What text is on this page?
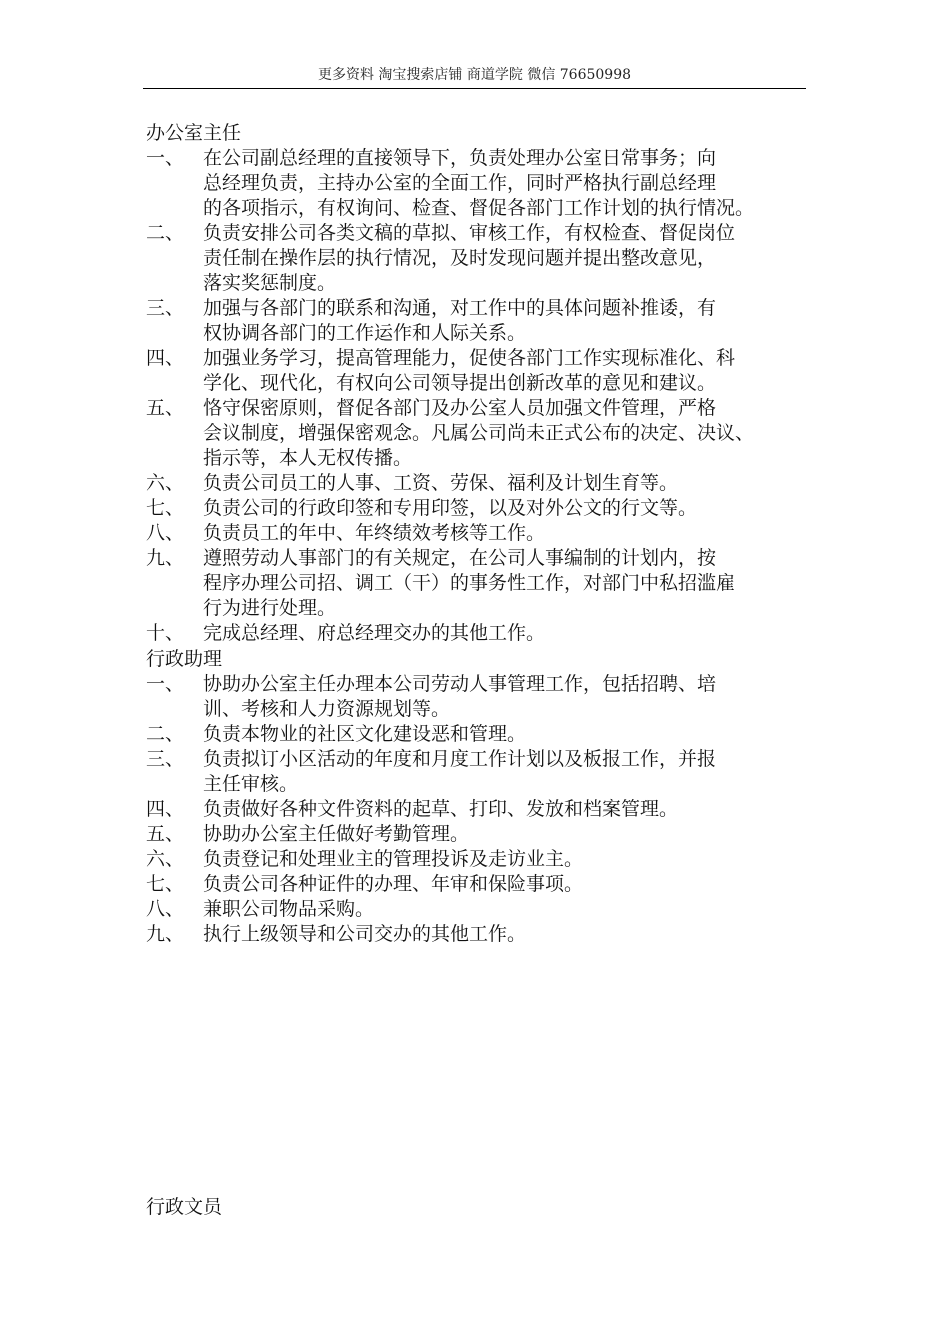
更多资料 淘宝搜索店铺 商道学院 微信 76650998
办公室主任
一、 在公司副总经理的直接领导下，负责处理办公室日常事务；向
总经理负责，主持办公室的全面工作，同时严格执行副总经理
的各项指示，有权询问、检查、督促各部门工作计划的执行情况。
二、 负责安排公司各类文稿的草拟、审核工作，有权检查、督促岗位
责任制在操作层的执行情况，及时发现问题并提出整改意见，
落实奖惩制度。
三、 加强与各部门的联系和沟通，对工作中的具体问题补推诿，有
权协调各部门的工作运作和人际关系。
四、 加强业务学习，提高管理能力，促使各部门工作实现标准化、科
学化、现代化，有权向公司领导提出创新改革的意见和建议。
五、 恪守保密原则，督促各部门及办公室人员加强文件管理，严格
会议制度，增强保密观念。凡属公司尚未正式公布的决定、决议、
指示等，本人无权传播。
六、 负责公司员工的人事、工资、劳保、福利及计划生育等。
七、 负责公司的行政印签和专用印签，以及对外公文的行文等。
八、 负责员工的年中、年终绩效考核等工作。
九、 遵照劳动人事部门的有关规定，在公司人事编制的计划内，按
程序办理公司招、调工（干）的事务性工作，对部门中私招滥雇
行为进行处理。
十、 完成总经理、府总经理交办的其他工作。
行政助理
一、 协助办公室主任办理本公司劳动人事管理工作，包括招聘、培
训、考核和人力资源规划等。
二、 负责本物业的社区文化建设恶和管理。
三、 负责拟订小区活动的年度和月度工作计划以及板报工作，并报
主任审核。
四、 负责做好各种文件资料的起草、打印、发放和档案管理。
五、 协助办公室主任做好考勤管理。
六、 负责登记和处理业主的管理投诉及走访业主。
七、 负责公司各种证件的办理、年审和保险事项。
八、 兼职公司物品采购。
九、 执行上级领导和公司交办的其他工作。
行政文员
